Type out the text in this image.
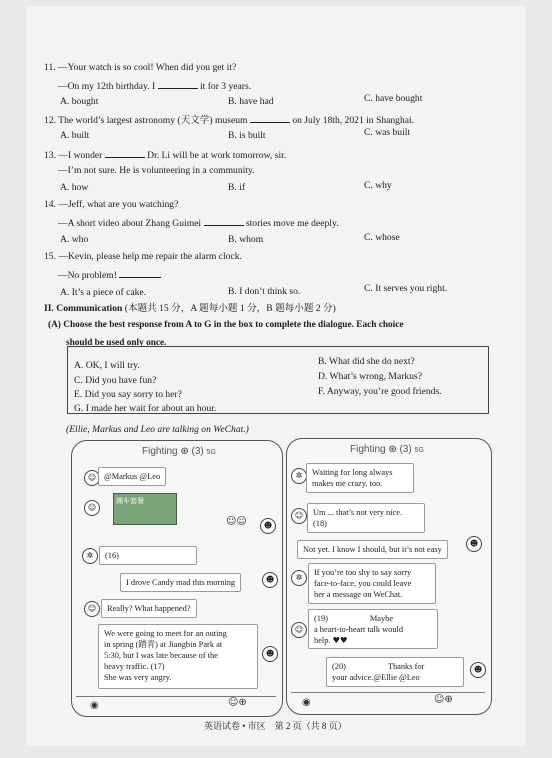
11. —Your watch is so cool! When did you get it?
—On my 12th birthday. I	it for 3 years.
A. bought	B. have had	C. have bought
12. The world’s largest astronomy (天文学) museum	on July 18th, 2021 in Shanghai.
A. built	B. is built	C. was built
13. —I wonder	Dr. Li will be at work tomorrow, sir.
—I’m not sure. He is volunteering in a community.
A. how	B. if	C. why
14. —Jeff, what are you watching?
—A short video about Zhang Guimei	stories move me deeply.
A. who	B. whom	C. whose
15. —Kevin, please help me repair the alarm clock.
—No problem!
A. It’s a piece of cake.	B. I don’t think so.	C. It serves you right.
II. Communication (本题共 15 分，A 题每小题 1 分，B 题每小题 2 分)
(A) Choose the best response from A to G in the box to complete the dialogue. Each choice
should be used only once.
A. OK, I will try.	B. What did she do next?
C. Did you have fun?	D. What’s wrong, Markus?
E. Did you say sorry to her?	F. Anyway, you’re good friends.
G. I made her wait for about an hour.
(Ellie, Markus and Leo are talking on WeChat.)
Fighting ⊛ (3) 5G
☺ @Markus @Leo
☺
蹦车套餐
☺☺	☻
✲	(16)
I drove Candy mad this morning	☻
☺	Really? What happened?
We were going to meet for an outing
in spring (踏青) at Jiangbin Park at
5:30, but I was late because of the
heavy traffic. (17)
She was very angry.
☻
◉	☺⊕
Fighting ⊛ (3) 5G
✲	Waiting for long always
makes me crazy, too.
☺	Um ... that’s not very nice.
(18)
Not yet. I know I should, but it’s not easy
☻
✲
If you’re too shy to say sorry
face-to-face, you could leave
her a message on WeChat.
☺
(19)　　　　　	Maybe
a heart-to-heart talk would
help. ♥♥
(20)　　　　　	Thanks for
your advice.@Ellie @Leo
☻
◉	☺⊕
英语试卷 • 市区　第 2 页（共 8 页）
